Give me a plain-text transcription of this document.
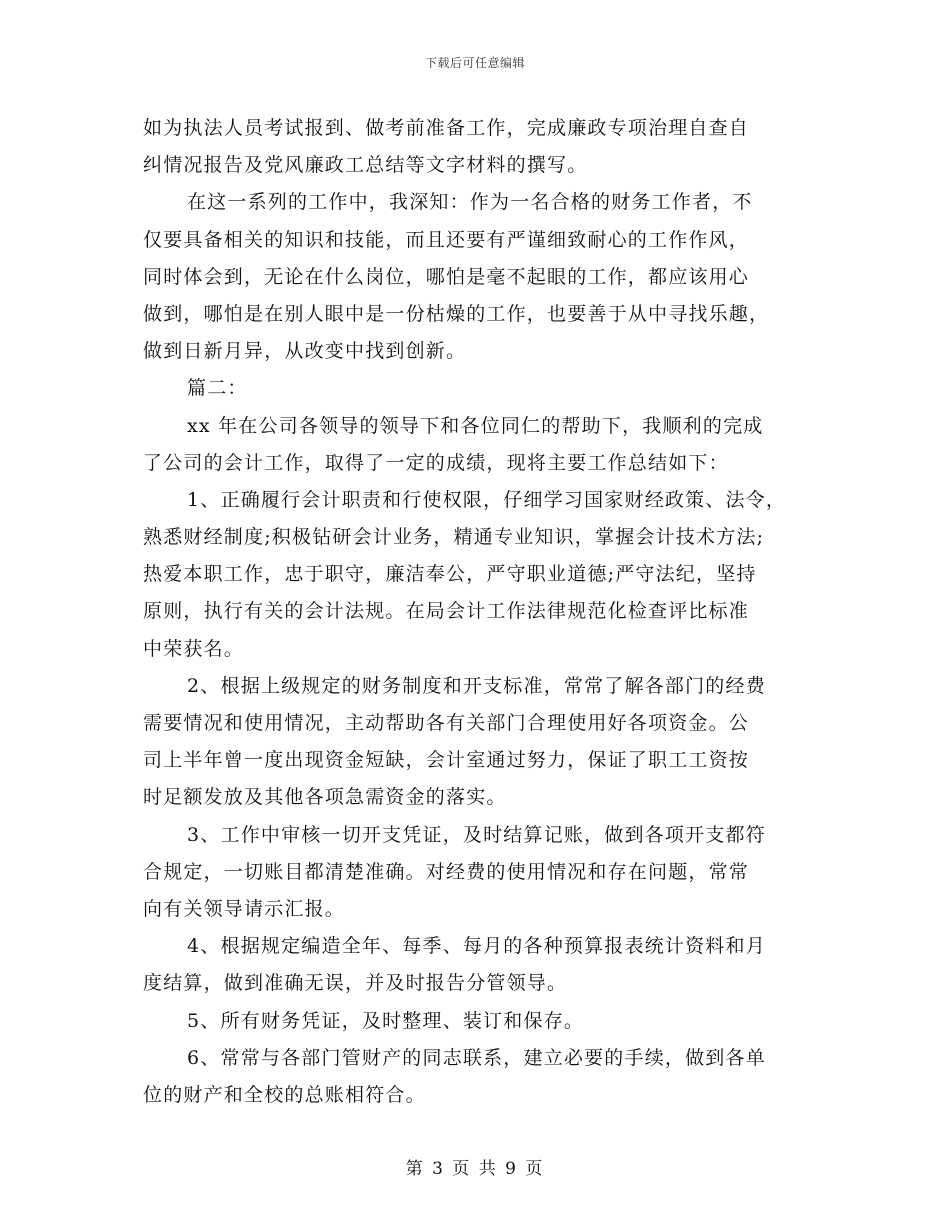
下载后可任意编辑
如为执法人员考试报到、做考前准备工作，完成廉政专项治理自查自
纠情况报告及党风廉政工总结等文字材料的撰写。
在这一系列的工作中，我深知：作为一名合格的财务工作者，不
仅要具备相关的知识和技能，而且还要有严谨细致耐心的工作作风，
同时体会到，无论在什么岗位，哪怕是毫不起眼的工作，都应该用心
做到，哪怕是在别人眼中是一份枯燥的工作，也要善于从中寻找乐趣，
做到日新月异，从改变中找到创新。
篇二：
xx 年在公司各领导的领导下和各位同仁的帮助下，我顺利的完成
了公司的会计工作，取得了一定的成绩，现将主要工作总结如下：
1、正确履行会计职责和行使权限，仔细学习国家财经政策、法令，
熟悉财经制度;积极钻研会计业务，精通专业知识，掌握会计技术方法;
热爱本职工作，忠于职守，廉洁奉公，严守职业道德;严守法纪，坚持
原则，执行有关的会计法规。在局会计工作法律规范化检查评比标准
中荣获名。
2、根据上级规定的财务制度和开支标准，常常了解各部门的经费
需要情况和使用情况，主动帮助各有关部门合理使用好各项资金。公
司上半年曾一度出现资金短缺，会计室通过努力，保证了职工工资按
时足额发放及其他各项急需资金的落实。
3、工作中审核一切开支凭证，及时结算记账，做到各项开支都符
合规定，一切账目都清楚准确。对经费的使用情况和存在问题，常常
向有关领导请示汇报。
4、根据规定编造全年、每季、每月的各种预算报表统计资料和月
度结算，做到准确无误，并及时报告分管领导。
5、所有财务凭证，及时整理、装订和保存。
6、常常与各部门管财产的同志联系，建立必要的手续，做到各单
位的财产和全校的总账相符合。
第 3 页 共 9 页
